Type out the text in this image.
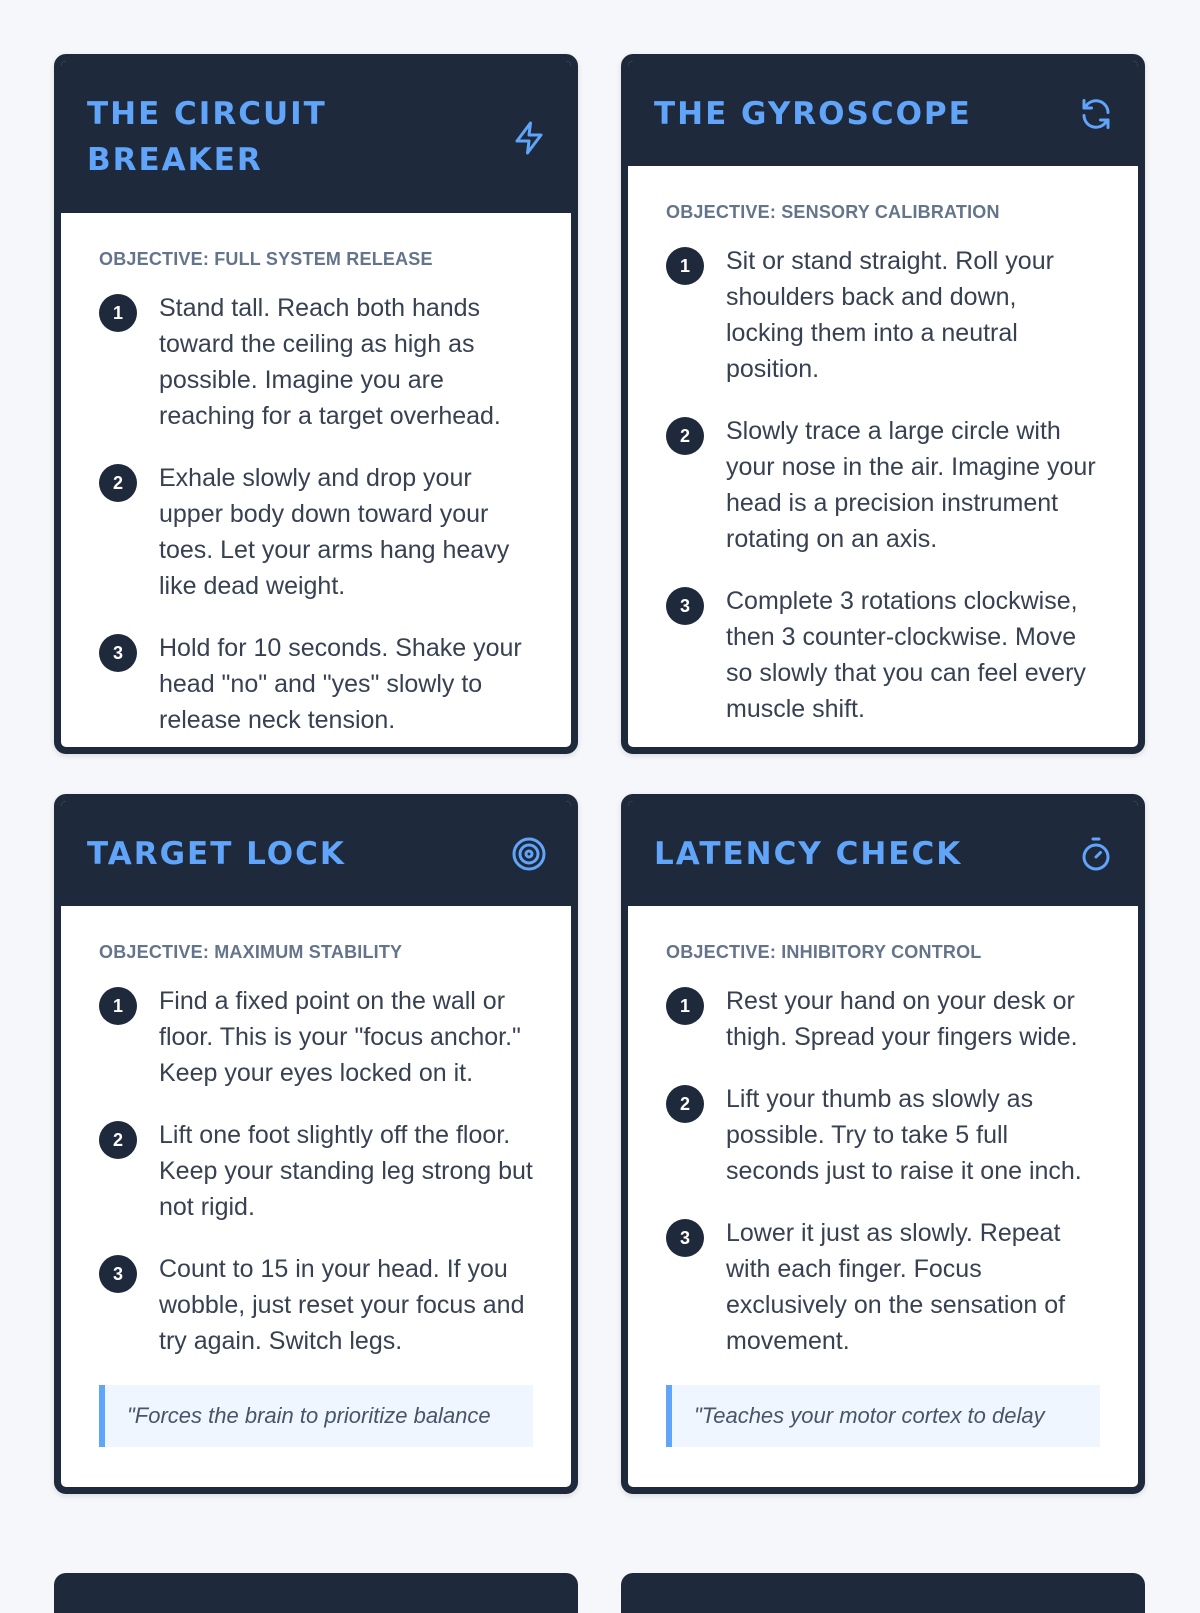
THE CIRCUIT BREAKER
OBJECTIVE: FULL SYSTEM RELEASE
1	Stand tall. Reach both hands toward the ceiling as high as possible. Imagine you are reaching for a target overhead.
2	Exhale slowly and drop your upper body down toward your toes. Let your arms hang heavy like dead weight.
3	Hold for 10 seconds. Shake your head "no" and "yes" slowly to release neck tension.
THE GYROSCOPE
OBJECTIVE: SENSORY CALIBRATION
1	Sit or stand straight. Roll your shoulders back and down, locking them into a neutral position.
2	Slowly trace a large circle with your nose in the air. Imagine your head is a precision instrument rotating on an axis.
3	Complete 3 rotations clockwise, then 3 counter-clockwise. Move so slowly that you can feel every muscle shift.
TARGET LOCK
OBJECTIVE: MAXIMUM STABILITY
1	Find a fixed point on the wall or floor. This is your "focus anchor." Keep your eyes locked on it.
2	Lift one foot slightly off the floor. Keep your standing leg strong but not rigid.
3	Count to 15 in your head. If you wobble, just reset your focus and try again. Switch legs.
"Forces the brain to prioritize balance
LATENCY CHECK
OBJECTIVE: INHIBITORY CONTROL
1	Rest your hand on your desk or thigh. Spread your fingers wide.
2	Lift your thumb as slowly as possible. Try to take 5 full seconds just to raise it one inch.
3	Lower it just as slowly. Repeat with each finger. Focus exclusively on the sensation of movement.
"Teaches your motor cortex to delay
